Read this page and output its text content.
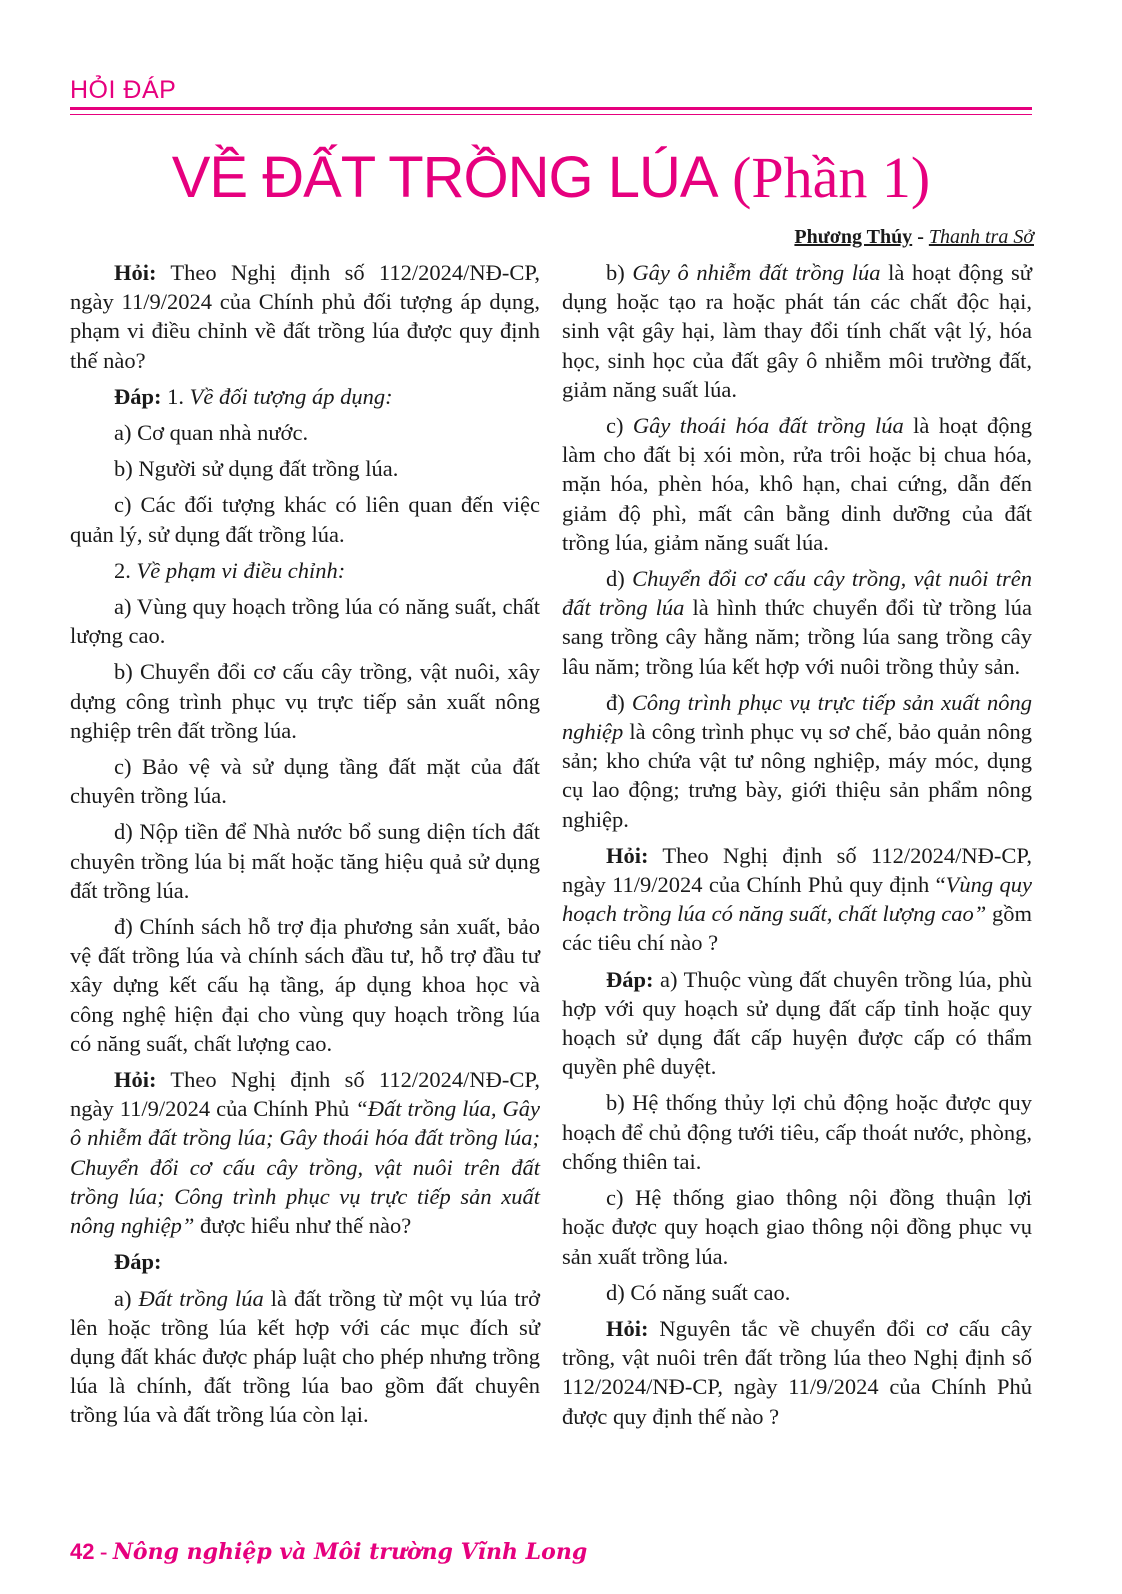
HỎI ĐÁP
VỀ ĐẤT TRỒNG LÚA (Phần 1)
Phương Thúy - Thanh tra Sở

Hỏi: Theo Nghị định số 112/2024/NĐ-CP, ngày 11/9/2024 của Chính phủ đối tượng áp dụng, phạm vi điều chỉnh về đất trồng lúa được quy định thế nào?

Đáp: 1. Về đối tượng áp dụng:

a) Cơ quan nhà nước.

b) Người sử dụng đất trồng lúa.

c) Các đối tượng khác có liên quan đến việc quản lý, sử dụng đất trồng lúa.

2. Về phạm vi điều chỉnh:

a) Vùng quy hoạch trồng lúa có năng suất, chất lượng cao.

b) Chuyển đổi cơ cấu cây trồng, vật nuôi, xây dựng công trình phục vụ trực tiếp sản xuất nông nghiệp trên đất trồng lúa.

c) Bảo vệ và sử dụng tầng đất mặt của đất chuyên trồng lúa.

d) Nộp tiền để Nhà nước bổ sung diện tích đất chuyên trồng lúa bị mất hoặc tăng hiệu quả sử dụng đất trồng lúa.

đ) Chính sách hỗ trợ địa phương sản xuất, bảo vệ đất trồng lúa và chính sách đầu tư, hỗ trợ đầu tư xây dựng kết cấu hạ tầng, áp dụng khoa học và công nghệ hiện đại cho vùng quy hoạch trồng lúa có năng suất, chất lượng cao.

Hỏi: Theo Nghị định số 112/2024/NĐ-CP, ngày 11/9/2024 của Chính Phủ “Đất trồng lúa, Gây ô nhiễm đất trồng lúa; Gây thoái hóa đất trồng lúa; Chuyển đổi cơ cấu cây trồng, vật nuôi trên đất trồng lúa; Công trình phục vụ trực tiếp sản xuất nông nghiệp” được hiểu như thế nào?

Đáp:

a) Đất trồng lúa là đất trồng từ một vụ lúa trở lên hoặc trồng lúa kết hợp với các mục đích sử dụng đất khác được pháp luật cho phép nhưng trồng lúa là chính, đất trồng lúa bao gồm đất chuyên trồng lúa và đất trồng lúa còn lại.

b) Gây ô nhiễm đất trồng lúa là hoạt động sử dụng hoặc tạo ra hoặc phát tán các chất độc hại, sinh vật gây hại, làm thay đổi tính chất vật lý, hóa học, sinh học của đất gây ô nhiễm môi trường đất, giảm năng suất lúa.

c) Gây thoái hóa đất trồng lúa là hoạt động làm cho đất bị xói mòn, rửa trôi hoặc bị chua hóa, mặn hóa, phèn hóa, khô hạn, chai cứng, dẫn đến giảm độ phì, mất cân bằng dinh dưỡng của đất trồng lúa, giảm năng suất lúa.

d) Chuyển đổi cơ cấu cây trồng, vật nuôi trên đất trồng lúa là hình thức chuyển đổi từ trồng lúa sang trồng cây hằng năm; trồng lúa sang trồng cây lâu năm; trồng lúa kết hợp với nuôi trồng thủy sản.

đ) Công trình phục vụ trực tiếp sản xuất nông nghiệp là công trình phục vụ sơ chế, bảo quản nông sản; kho chứa vật tư nông nghiệp, máy móc, dụng cụ lao động; trưng bày, giới thiệu sản phẩm nông nghiệp.

Hỏi: Theo Nghị định số 112/2024/NĐ-CP, ngày 11/9/2024 của Chính Phủ quy định “Vùng quy hoạch trồng lúa có năng suất, chất lượng cao” gồm các tiêu chí nào ?

Đáp: a) Thuộc vùng đất chuyên trồng lúa, phù hợp với quy hoạch sử dụng đất cấp tỉnh hoặc quy hoạch sử dụng đất cấp huyện được cấp có thẩm quyền phê duyệt.

b) Hệ thống thủy lợi chủ động hoặc được quy hoạch để chủ động tưới tiêu, cấp thoát nước, phòng, chống thiên tai.

c) Hệ thống giao thông nội đồng thuận lợi hoặc được quy hoạch giao thông nội đồng phục vụ sản xuất trồng lúa.

d) Có năng suất cao.

Hỏi: Nguyên tắc về chuyển đổi cơ cấu cây trồng, vật nuôi trên đất trồng lúa theo Nghị định số 112/2024/NĐ-CP, ngày 11/9/2024 của Chính Phủ được quy định thế nào ?

42 - Nông nghiệp và Môi trường Vĩnh Long
